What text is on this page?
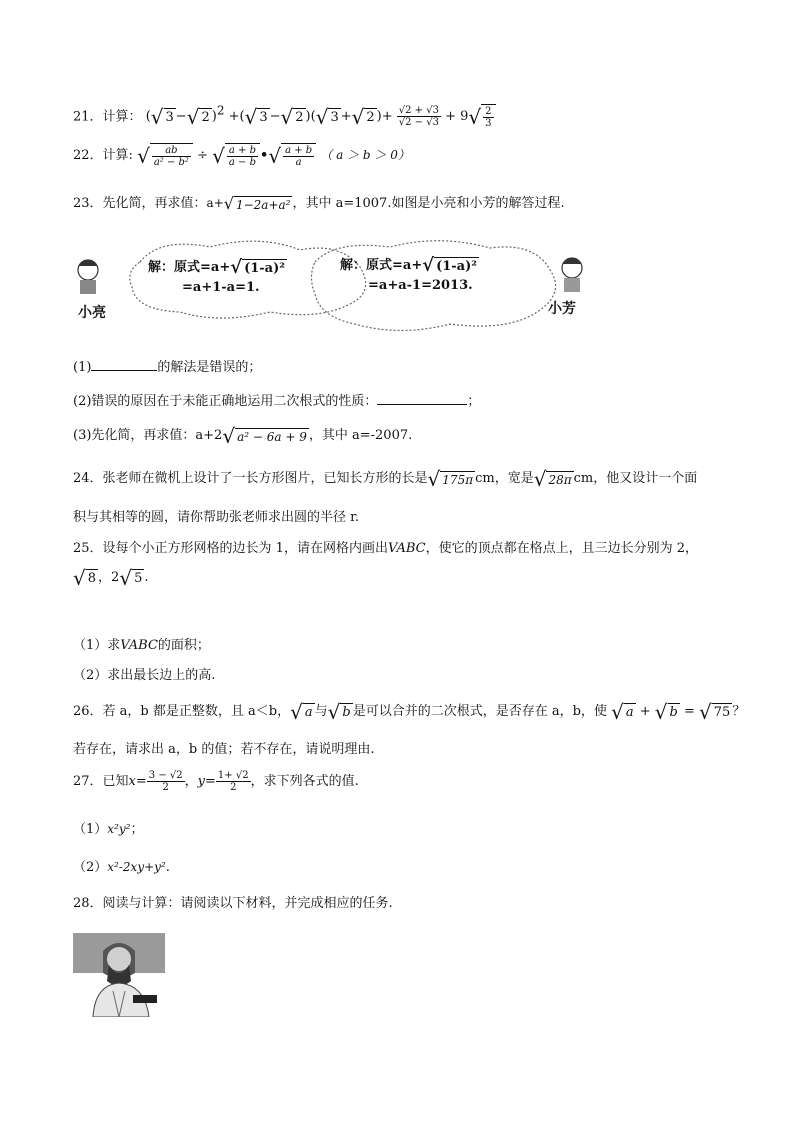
21．计算： (√ 3 −√ 2 )$^2$ +(√ 3 −√ 2 )(√ 3 +√ 2 )+ $\frac{√2 + √3}{√2 - √3} + 9√ \frac{2}{3}$
22．计算: √ $\frac{ab}{\text{a² − b²}}$ ÷ √ $\frac{a + b}{a - b}$ •√ $\frac{a + b}{a}$ （ a ＞ b ＞ 0）
23．先化简，再求值：a+√ 1−2a+a² ，其中 a=1007.如图是小亮和小芳的解答过程.
解：原式=a+√ (1-a)²
=a+1-a=1.
解：原式=a+√ (1-a)²
=a+a-1=2013.
小亮	小芳
(1)	的解法是错误的；
(2)错误的原因在于未能正确地运用二次根式的性质：	；
(3)先化简，再求值：a+2√ a² − 6a + 9 ，其中 a=-2007.
24．张老师在微机上设计了一长方形图片，已知长方形的长是√ 175π cm，宽是√ 28π cm，他又设计一个面
积与其相等的圆，请你帮助张老师求出圆的半径 r.
25．设每个小正方形网格的边长为 1，请在网格内画出VABC，使它的顶点都在格点上，且三边长分别为 2，
√ 8 ，2√ 5 .
（1）求VABC的面积；
（2）求出最长边上的高.
26．若 a，b 都是正整数，且 a＜b，√ a 与√ b 是可以合并的二次根式，是否存在 a，b，使 √ a + √ b = √ 75 ？
若存在，请求出 a，b 的值；若不存在，请说明理由.
27．已知$x= \frac{3 - √2}{2}$ ，$y= \frac{1+ √2}{2}$ ，求下列各式的值.
（1）x²y²；
（2）x²-2xy+y².
28．阅读与计算：请阅读以下材料，并完成相应的任务.
